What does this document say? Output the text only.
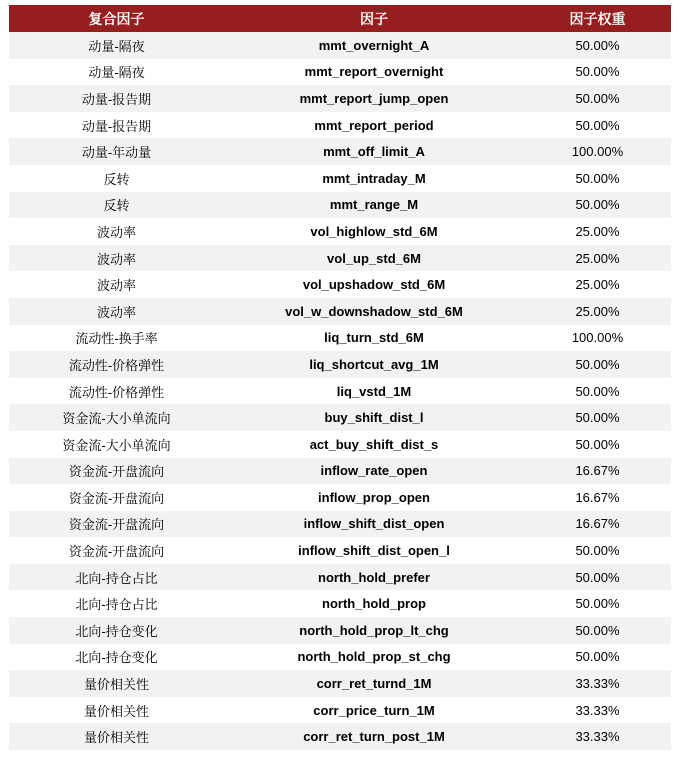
复合因子	因子	因子权重
动量-隔夜	mmt_overnight_A	50.00%
动量-隔夜	mmt_report_overnight	50.00%
动量-报告期	mmt_report_jump_open	50.00%
动量-报告期	mmt_report_period	50.00%
动量-年动量	mmt_off_limit_A	100.00%
反转	mmt_intraday_M	50.00%
反转	mmt_range_M	50.00%
波动率	vol_highlow_std_6M	25.00%
波动率	vol_up_std_6M	25.00%
波动率	vol_upshadow_std_6M	25.00%
波动率	vol_w_downshadow_std_6M	25.00%
流动性-换手率	liq_turn_std_6M	100.00%
流动性-价格弹性	liq_shortcut_avg_1M	50.00%
流动性-价格弹性	liq_vstd_1M	50.00%
资金流-大小单流向	buy_shift_dist_l	50.00%
资金流-大小单流向	act_buy_shift_dist_s	50.00%
资金流-开盘流向	inflow_rate_open	16.67%
资金流-开盘流向	inflow_prop_open	16.67%
资金流-开盘流向	inflow_shift_dist_open	16.67%
资金流-开盘流向	inflow_shift_dist_open_l	50.00%
北向-持仓占比	north_hold_prefer	50.00%
北向-持仓占比	north_hold_prop	50.00%
北向-持仓变化	north_hold_prop_lt_chg	50.00%
北向-持仓变化	north_hold_prop_st_chg	50.00%
量价相关性	corr_ret_turnd_1M	33.33%
量价相关性	corr_price_turn_1M	33.33%
量价相关性	corr_ret_turn_post_1M	33.33%
